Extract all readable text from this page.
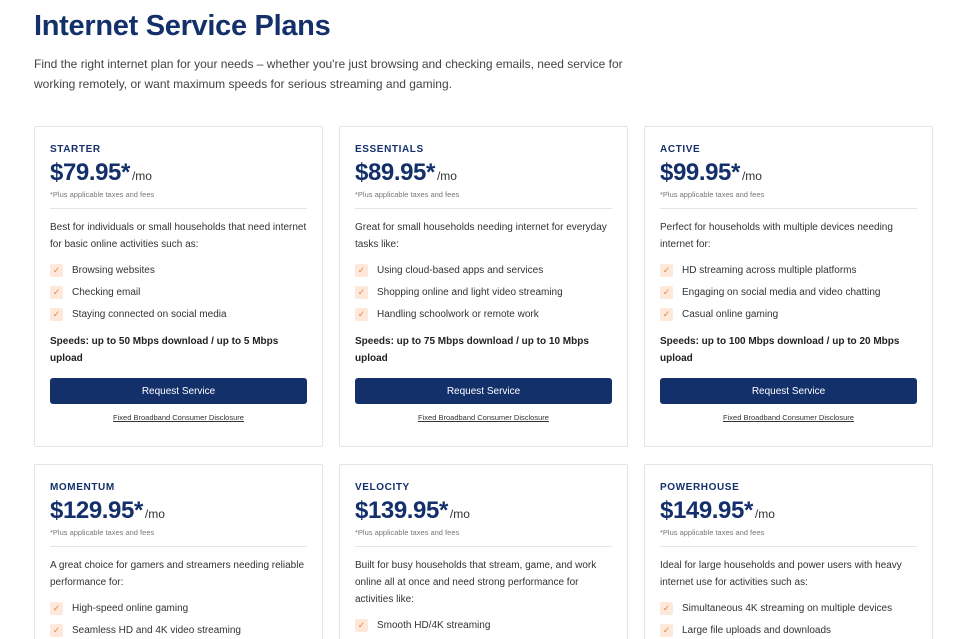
Internet Service Plans

Find the right internet plan for your needs – whether you're just browsing and checking emails, need service for working remotely, or want maximum speeds for serious streaming and gaming.

STARTER
$79.95* /mo
*Plus applicable taxes and fees

Best for individuals or small households that need internet for basic online activities such as:

✓ Browsing websites
✓ Checking email
✓ Staying connected on social media

Speeds: up to 50 Mbps download / up to 5 Mbps upload

Request Service
Fixed Broadband Consumer Disclosure
ESSENTIALS
$89.95* /mo
*Plus applicable taxes and fees

Great for small households needing internet for everyday tasks like:

✓ Using cloud-based apps and services
✓ Shopping online and light video streaming
✓ Handling schoolwork or remote work

Speeds: up to 75 Mbps download / up to 10 Mbps upload

Request Service
Fixed Broadband Consumer Disclosure
ACTIVE
$99.95* /mo
*Plus applicable taxes and fees

Perfect for households with multiple devices needing internet for:

✓ HD streaming across multiple platforms
✓ Engaging on social media and video chatting
✓ Casual online gaming

Speeds: up to 100 Mbps download / up to 20 Mbps upload

Request Service
Fixed Broadband Consumer Disclosure
MOMENTUM
$129.95* /mo
*Plus applicable taxes and fees

A great choice for gamers and streamers needing reliable performance for:

✓ High-speed online gaming
✓ Seamless HD and 4K video streaming
VELOCITY
$139.95* /mo
*Plus applicable taxes and fees

Built for busy households that stream, game, and work online all at once and need strong performance for activities like:

✓ Smooth HD/4K streaming
POWERHOUSE
$149.95* /mo
*Plus applicable taxes and fees

Ideal for large households and power users with heavy internet use for activities such as:

✓ Simultaneous 4K streaming on multiple devices
✓ Large file uploads and downloads
